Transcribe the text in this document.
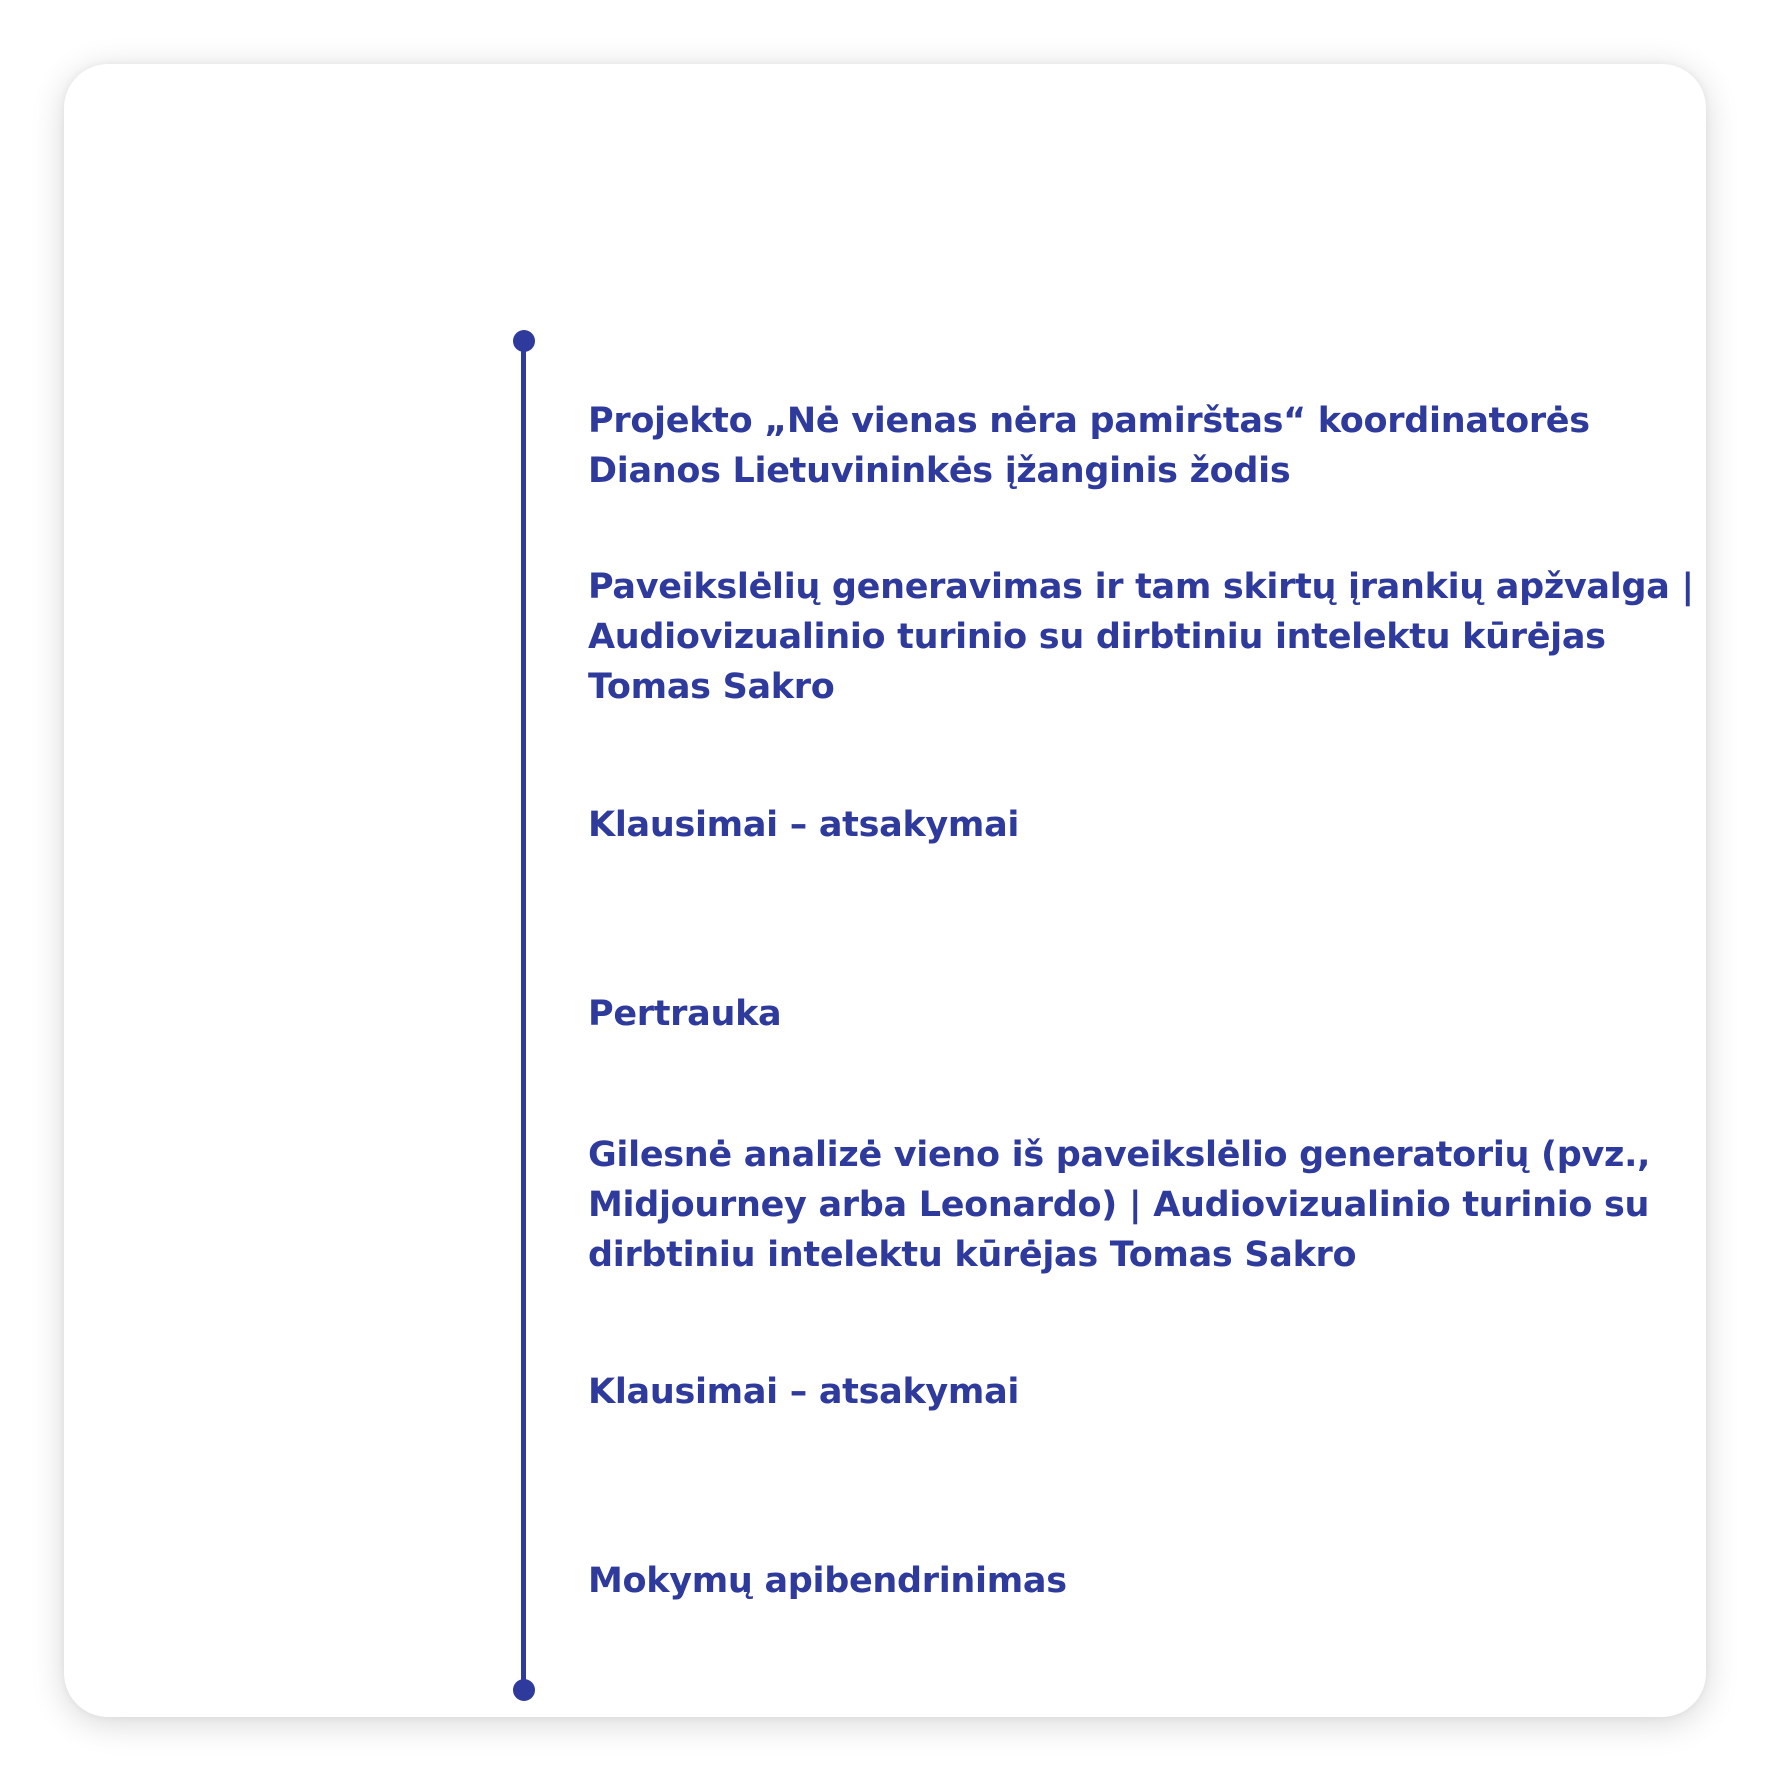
Projekto „Nė vienas nėra pamirštas“ koordinatorės Dianos Lietuvininkės įžanginis žodis

Paveikslėlių generavimas ir tam skirtų įrankių apžvalga | Audiovizualinio turinio su dirbtiniu intelektu kūrėjas Tomas Sakro

Klausimai – atsakymai

Pertrauka

Gilesnė analizė vieno iš paveikslėlio generatorių (pvz., Midjourney arba Leonardo) | Audiovizualinio turinio su dirbtiniu intelektu kūrėjas Tomas Sakro

Klausimai – atsakymai

Mokymų apibendrinimas
